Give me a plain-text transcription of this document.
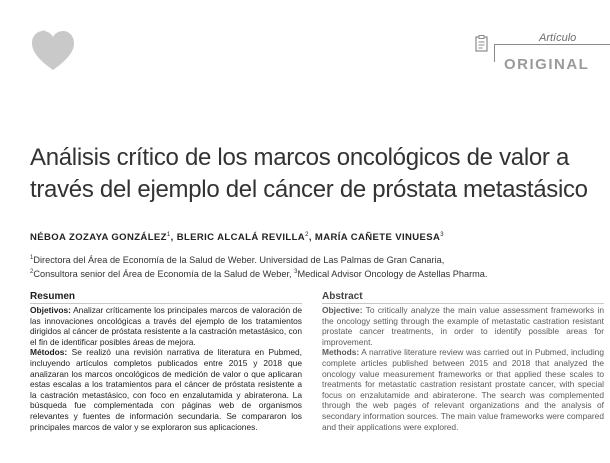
Artículo
ORIGINAL
Análisis crítico de los marcos oncológicos de valor a
través del ejemplo del cáncer de próstata metastásico
NÉBOA ZOZAYA GONZÁLEZ$^1$, BLERIC ALCALÁ REVILLA$^2$, MARÍA CAÑETE VINUESA$^3$
$^1$Directora del Área de Economía de la Salud de Weber. Universidad de Las Palmas de Gran Canaria,
$^2$Consultora senior del Área de Economía de la Salud de Weber, $^3$Medical Advisor Oncology de Astellas Pharma.
Resumen
Objetivos: Analizar críticamente los principales marcos de valoración de las innovaciones oncológicas a través del ejemplo de los tratamientos dirigidos al cáncer de próstata resistente a la castración metastásico, con el fin de identificar posibles áreas de mejora.
Métodos: Se realizó una revisión narrativa de literatura en Pubmed, incluyendo artículos completos publicados entre 2015 y 2018 que analizaran los marcos oncológicos de medición de valor o que aplicaran estas escalas a los tratamientos para el cáncer de próstata resistente a la castración metastásico, con foco en enzalutamida y abiraterona. La búsqueda fue complementada con páginas web de organismos relevantes y fuentes de información secundaria. Se compararon los principales marcos de valor y se exploraron sus aplicaciones.
Abstract
Objective: To critically analyze the main value assessment frameworks in the oncology setting through the example of metastatic castration resistant prostate cancer treatments, in order to identify possible areas for improvement.
Methods: A narrative literature review was carried out in Pubmed, including complete articles published between 2015 and 2018 that analyzed the oncology value measurement frameworks or that applied these scales to treatments for metastatic castration resistant prostate cancer, with special focus on enzalutamide and abiraterone. The search was complemented through the web pages of relevant organizations and the analysis of secondary information sources. The main value frameworks were compared and their applications were explored.
